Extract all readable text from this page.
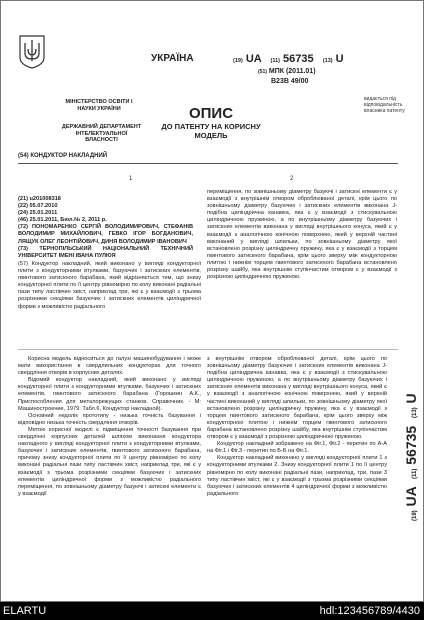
МІНІСТЕРСТВО ОСВІТИ І НАУКИ УКРАЇНИ
ДЕРЖАВНИЙ ДЕПАРТАМЕНТ ІНТЕЛЕКТУАЛЬНОЇ ВЛАСНОСТІ
УКРАЇНА	(19) UA (11) 56735 (13) U
(51) МПК (2011.01)
B23B 49/00
видається під відповідальність власника патенту
ОПИС
ДО ПАТЕНТУ НА КОРИСНУ МОДЕЛЬ
(54) КОНДУКТОР НАКЛАДНИЙ
1	2
(21) u201008318
(22) 05.07.2010
(24) 25.01.2011
(46) 25.01.2011, Бюл.№ 2, 2011 р.
(72) ПОНОМАРЕНКО СЕРГІЙ ВОЛОДИМИРОВИЧ, СТЕФАНІВ ВОЛОДИМИР МИХАЙЛОВИЧ, ГЕВКО ІГОР БОГДАНОВИЧ, ЛЯЩУК ОЛЕГ ЛЕОНТІЙОВИЧ, ДИНЯ ВОЛОДИМИР ІВАНОВИЧ
(73) ТЕРНОПІЛЬСЬКИЙ НАЦІОНАЛЬНИЙ ТЕХНІЧНИЙ УНІВЕРСИТЕТ ІМЕНІ ІВАНА ПУЛЮЯ
(57) Кондуктор накладний, який виконано у вигляді кондукторної плити з кондукторними втулками, базуючих і затискних елементів, гвинтового затискного барабана, який відрізняється тим, що знизу кондукторної плити по її центру рівномірно по колу виконані радіальні пази типу ластівчин хвіст, наприклад три, які є у взаємодії з трьома розрізними секціями базуючих і затискних елементів циліндричної форми з можливістю радіального
переміщення, по зовнішньому діаметру базуючі і затискні елементи є у взаємодії з внутрішнім отвором оброблюваної деталі, крім цього по зовнішньому діаметру базуючих і затискних елементів виконана J-подібна циліндрична канавка, яка є у взаємодії з стискувальною циліндричною пружиною, а по внутрішньому діаметру базуючих і затискних елементів виконана у вигляді внутрішнього конуса, який є у взаємодії з аналогічною конічною поверхнею, який у верхній частині виконаний у вигляді шпильки, по зовнішньому діаметру якої встановлено розрізну циліндричну пружину, яка є у взаємодії з торцем гвинтового затискного барабана, крім цього зверху між кондукторною плитою і нижнім торцем гвинтового затискного барабана встановлено розрізну шайбу, яка внутрішнім ступінчастим отвором є у взаємодії з розрізною циліндричною пружиною.

Корисна модель відноситься до галузі машинобудування і може мати використання в свердлильних кондукторах для точного свердління отворів в корпусних деталях.

Відомий кондуктор накладний, який виконано у вигляді кондукторної плити з кондукторними втулками, базуючих і затискних елементів, гвинтового затискного барабана (Горошкин А.К., Приспособления для металорежущих станков. Справочник. - М: Машиностроение, 1979. Табл.6, Кондуктор накладной).

Основний недолік прототипу - низька точність базування і відповідно низька точність свердління отворів.

Метою корисної моделі є підвищення точності базування при свердлінні корпусних деталей шляхом виконання кондуктора накладного у вигляді кондукторної плити з кондукторними втулками, базуючих і затискних елементів, гвинтового затискного барабана, причому знизу кондукторної плити по її центру рівномірно по колу виконані радіальні пази типу ластівчин хвіст, наприклад три, які є у взаємодії з трьома розрізними секціями базуючих і затискних елементів циліндричної форми з можливістю радіального переміщення, по зовнішньому діаметру базуючі і затискні елементи є у взаємодії

з внутрішнім отвором оброблюваної деталі, крім цього по зовнішньому діаметру базуючих і затискних елементів виконана J-подібна циліндрична канавка, яка є у взаємодії з стискувальною циліндричною пружиною, а по внутрішньому діаметру базуючих і затискних елементів виконана у вигляді внутрішнього конуса, який є у взаємодії з аналогічною конічною поверхнею, який у верхній частині виконаний у вигляді шпильки, по зовнішньому діаметру якої встановлено розрізну циліндричну пружину, яка є у взаємодії з торцем гвинтового затискного барабана, крім цього зверху між кондукторною плитою і нижнім торцем гвинтового затискного барабана встановлено розрізну шайбу, яка внутрішнім ступінчастим отвором є у взаємодії з розрізною циліндричною пружиною.

Кондуктор накладний зображено на Фіг.1, Фіг.2 - перетин по А-А на Фіг.1 і Фіг.3 - перетин по Б-Б на Фіг.1.

Кондуктор накладний виконано у вигляді кондукторної плити 1 з кондукторними втулками 2. Знизу кондукторної плити 1 по її центру рівномірно по колу виконані радіальні пази, наприклад, три, пази 3 типу ластівчин хвіст, які є у взаємодії з трьома розрізними секціями базуючих і затискних елементів 4 циліндричної форми з можливістю радіального

(19) UA  (11) 56735  (13) U
ELARTU	hdl:123456789/4430
